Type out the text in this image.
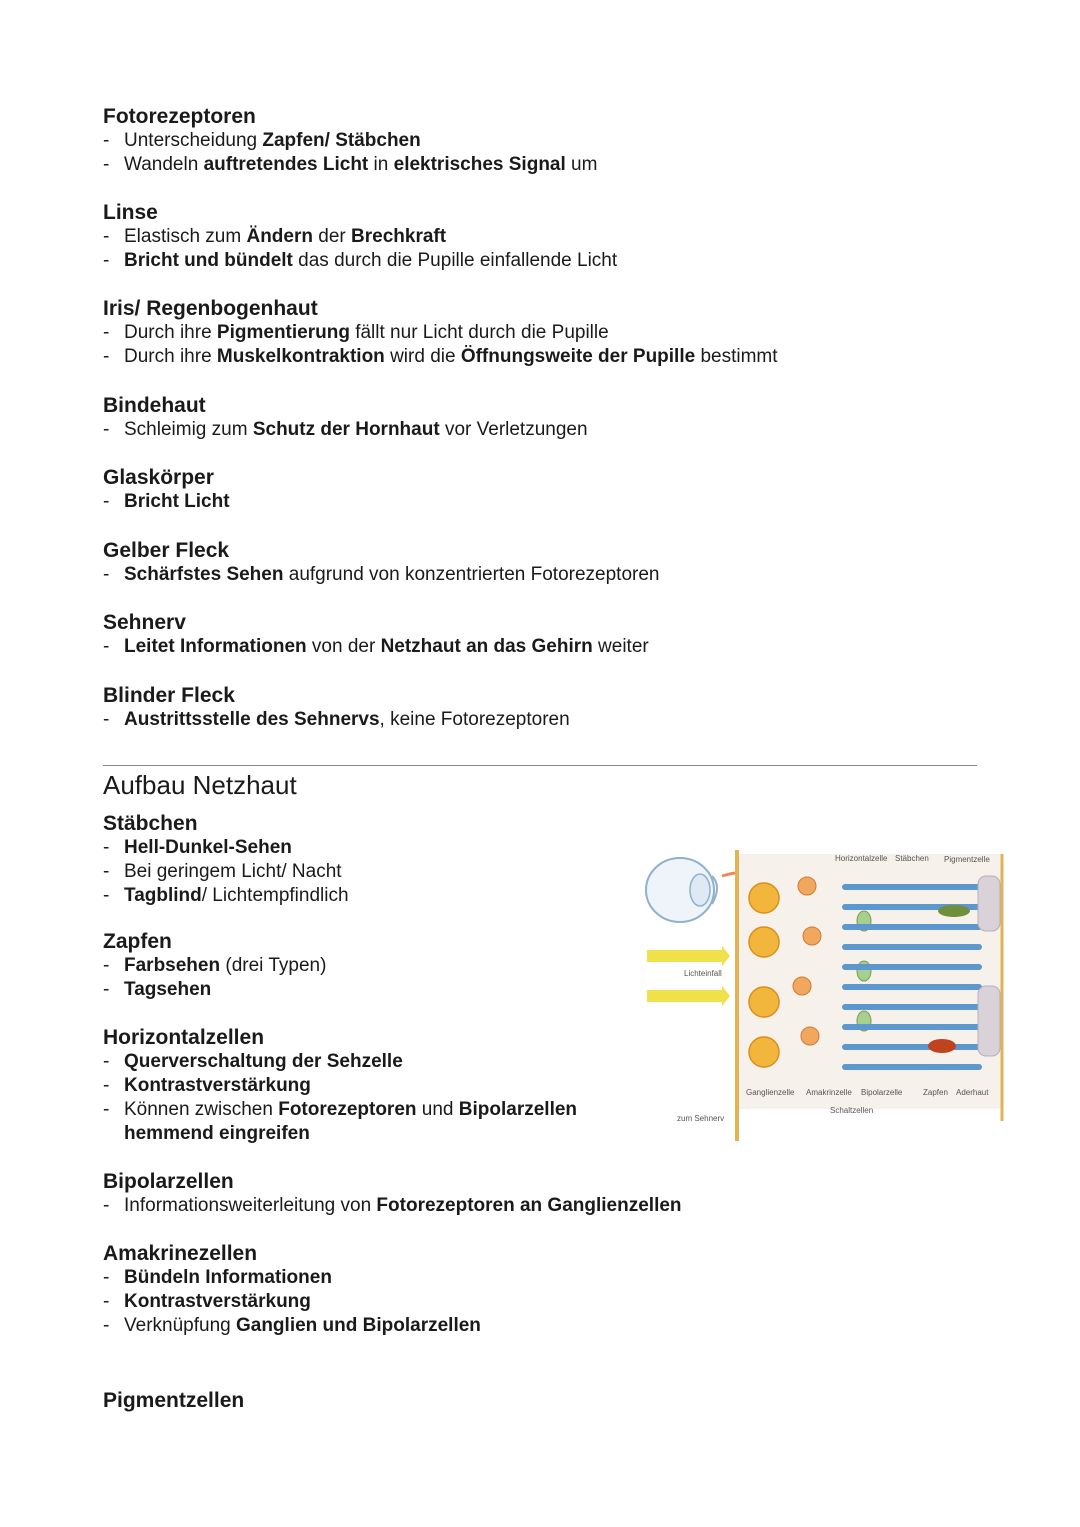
Fotorezeptoren
- Unterscheidung Zapfen/ Stäbchen
- Wandeln auftretendes Licht in elektrisches Signal um
Linse
- Elastisch zum Ändern der Brechkraft
- Bricht und bündelt das durch die Pupille einfallende Licht
Iris/ Regenbogenhaut
- Durch ihre Pigmentierung fällt nur Licht durch die Pupille
- Durch ihre Muskelkontraktion wird die Öffnungsweite der Pupille bestimmt
Bindehaut
- Schleimig zum Schutz der Hornhaut vor Verletzungen
Glaskörper
- Bricht Licht
Gelber Fleck
- Schärfstes Sehen aufgrund von konzentrierten Fotorezeptoren
Sehnerv
- Leitet Informationen von der Netzhaut an das Gehirn weiter
Blinder Fleck
- Austrittsstelle des Sehnervs, keine Fotorezeptoren
Aufbau Netzhaut
Stäbchen
- Hell-Dunkel-Sehen
- Bei geringem Licht/ Nacht
- Tagblind/ Lichtempfindlich
Zapfen
- Farbsehen (drei Typen)
- Tagsehen
Horizontalzellen
- Querverschaltung der Sehzelle
- Kontrastverstärkung
- Können zwischen Fotorezeptoren und Bipolarzellen hemmend eingreifen
Bipolarzellen
- Informationsweiterleitung von Fotorezeptoren an Ganglienzellen
Amakrinezellen
- Bündeln Informationen
- Kontrastverstärkung
- Verknüpfung Ganglien und Bipolarzellen
Pigmentzellen
Lichteinfall
Horizontalzelle Stäbchen Pigmentzelle
Ganglienzelle Amakrinzelle Bipolarzelle	Zapfen Aderhaut
Schaltzellen
zum Sehnerv
